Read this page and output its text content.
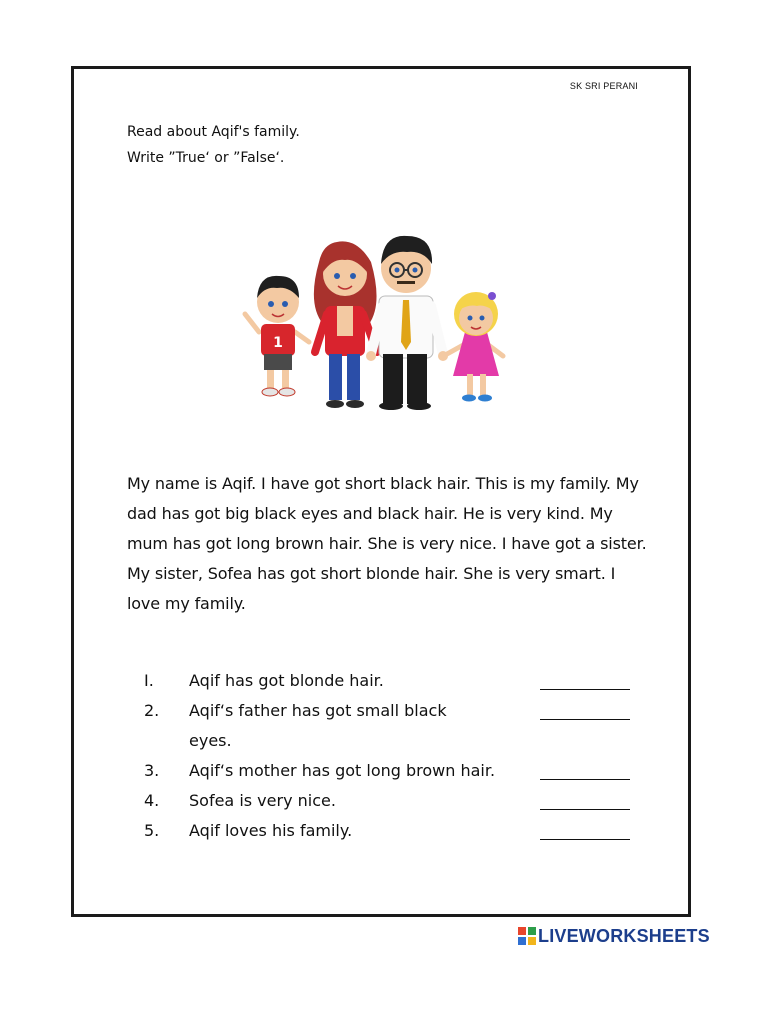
SK SRI PERANI
Read about Aqif's family.
Write ”True‘ or ”False‘.
1
My name is Aqif. I have got short black hair. This is my family. My dad has got big black eyes and black hair. He is very kind. My mum has got long brown hair. She is very nice. I have got a sister. My sister, Sofea has got short blonde hair. She is very smart. I love my family.
I.	Aqif has got blonde hair.
2.	Aqif‘s father has got small black eyes.
3.	Aqif‘s mother has got long brown hair.
4.	Sofea is very nice.
5.	Aqif loves his family.
LIVEWORKSHEETS
